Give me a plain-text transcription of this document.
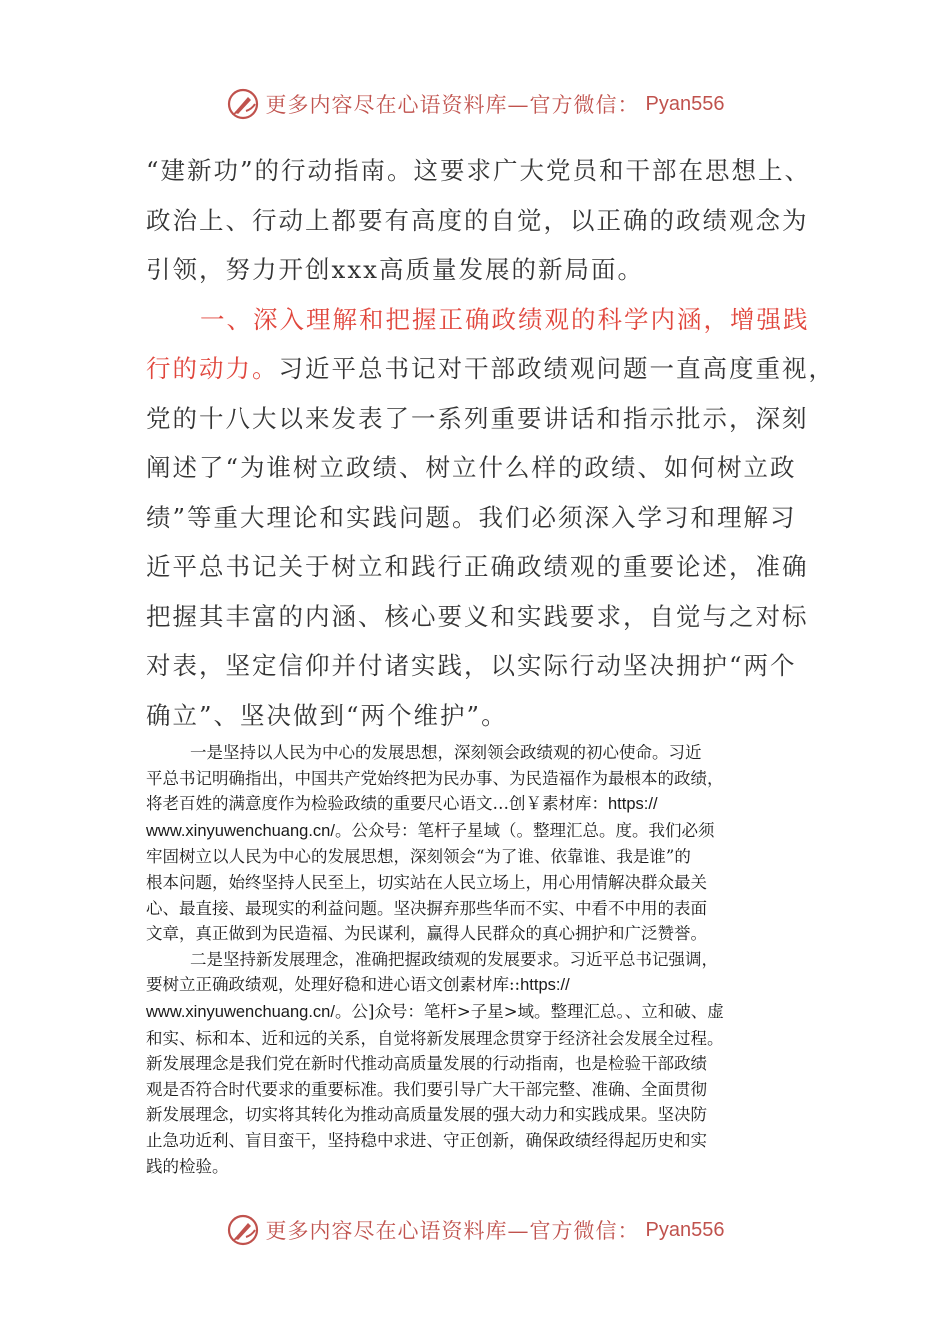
更多内容尽在心语资料库—官方微信： Pyan556

“建新功”的行动指南。这要求广大党员和干部在思想上、

政治上、行动上都要有高度的自觉，以正确的政绩观念为

引领，努力开创xxx高质量发展的新局面。

一、深入理解和把握正确政绩观的科学内涵，增强践

行的动力。习近平总书记对干部政绩观问题一直高度重视，

党的十八大以来发表了一系列重要讲话和指示批示，深刻

阐述了“为谁树立政绩、树立什么样的政绩、如何树立政

绩”等重大理论和实践问题。我们必须深入学习和理解习

近平总书记关于树立和践行正确政绩观的重要论述，准确

把握其丰富的内涵、核心要义和实践要求，自觉与之对标

对表，坚定信仰并付诸实践，以实际行动坚决拥护“两个

确立”、坚决做到“两个维护”。

一是坚持以人民为中心的发展思想，深刻领会政绩观的初心使命。习近

平总书记明确指出，中国共产党始终把为民办事、为民造福作为最根本的政绩，

将老百姓的满意度作为检验政绩的重要尺心语文…创￥素材库：https://

www.xinyuwenchuang.cn/。公众号：笔杆子星域（。整理汇总。度。我们必须

牢固树立以人民为中心的发展思想，深刻领会“为了谁、依靠谁、我是谁”的

根本问题，始终坚持人民至上，切实站在人民立场上，用心用情解决群众最关

心、最直接、最现实的利益问题。坚决摒弃那些华而不实、中看不中用的表面

文章，真正做到为民造福、为民谋利，赢得人民群众的真心拥护和广泛赞誉。

二是坚持新发展理念，准确把握政绩观的发展要求。习近平总书记强调，

要树立正确政绩观，处理好稳和进心语文创素材库::https://

www.xinyuwenchuang.cn/。公]众号：笔杆>子星>域。整理汇总。、立和破、虚

和实、标和本、近和远的关系，自觉将新发展理念贯穿于经济社会发展全过程。

新发展理念是我们党在新时代推动高质量发展的行动指南，也是检验干部政绩

观是否符合时代要求的重要标准。我们要引导广大干部完整、准确、全面贯彻

新发展理念，切实将其转化为推动高质量发展的强大动力和实践成果。坚决防

止急功近利、盲目蛮干，坚持稳中求进、守正创新，确保政绩经得起历史和实

践的检验。

更多内容尽在心语资料库—官方微信： Pyan556
